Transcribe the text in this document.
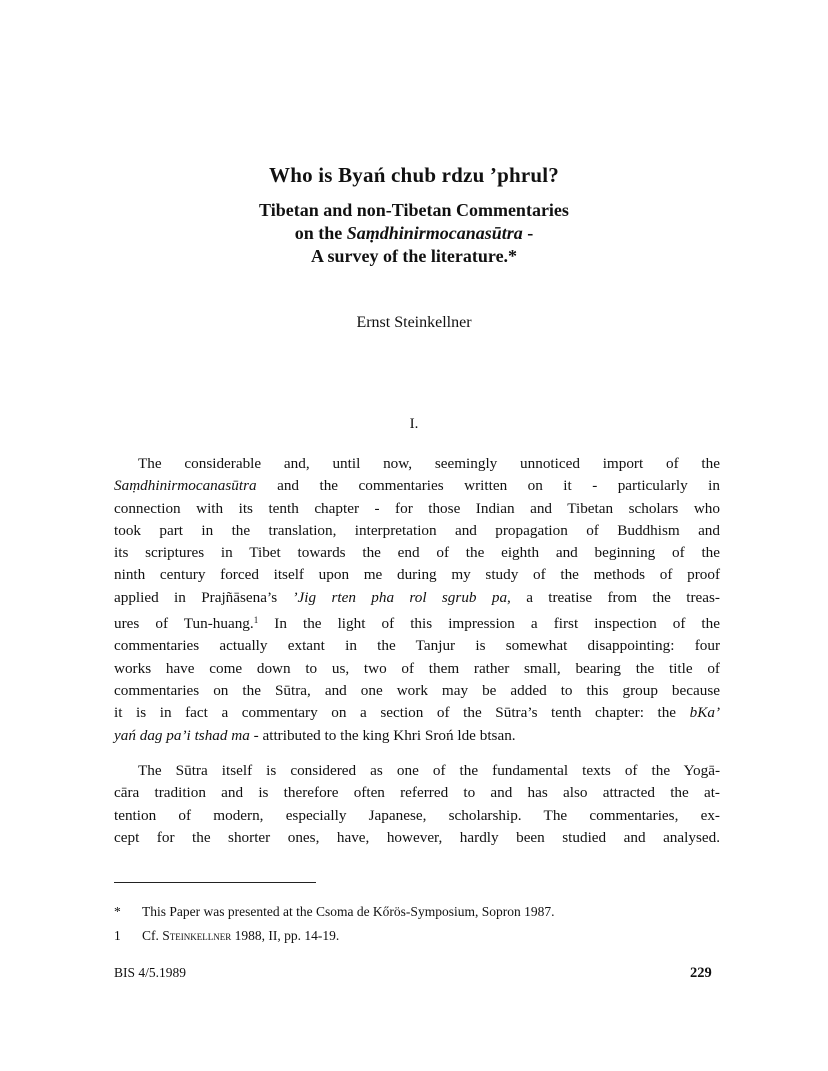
Who is Byań chub rdzu ’phrul?
Tibetan and non-Tibetan Commentaries
on the Saṃdhinirmocanasūtra -
A survey of the literature.*
Ernst Steinkellner
I.
The considerable and, until now, seemingly unnoticed import of the
Saṃdhinirmocanasūtra and the commentaries written on it - particularly in
connection with its tenth chapter - for those Indian and Tibetan scholars who
took part in the translation, interpretation and propagation of Buddhism and
its scriptures in Tibet towards the end of the eighth and beginning of the
ninth century forced itself upon me during my study of the methods of proof
applied in Prajñāsena’s ’Jig rten pha rol sgrub pa, a treatise from the treas-
ures of Tun-huang.$^1$ In the light of this impression a first inspection of the
commentaries actually extant in the Tanjur is somewhat disappointing: four
works have come down to us, two of them rather small, bearing the title of
commentaries on the Sūtra, and one work may be added to this group because
it is in fact a commentary on a section of the Sūtra’s tenth chapter: the bKa’
yań dag pa’i tshad ma - attributed to the king Khri Sroń lde btsan.
The Sūtra itself is considered as one of the fundamental texts of the Yogā-
cāra tradition and is therefore often referred to and has also attracted the at-
tention of modern, especially Japanese, scholarship. The commentaries, ex-
cept for the shorter ones, have, however, hardly been studied and analysed.
* This Paper was presented at the Csoma de Kőrös-Symposium, Sopron 1987.
1 Cf. Steinkellner 1988, II, pp. 14-19.
BIS 4/5.1989	229
